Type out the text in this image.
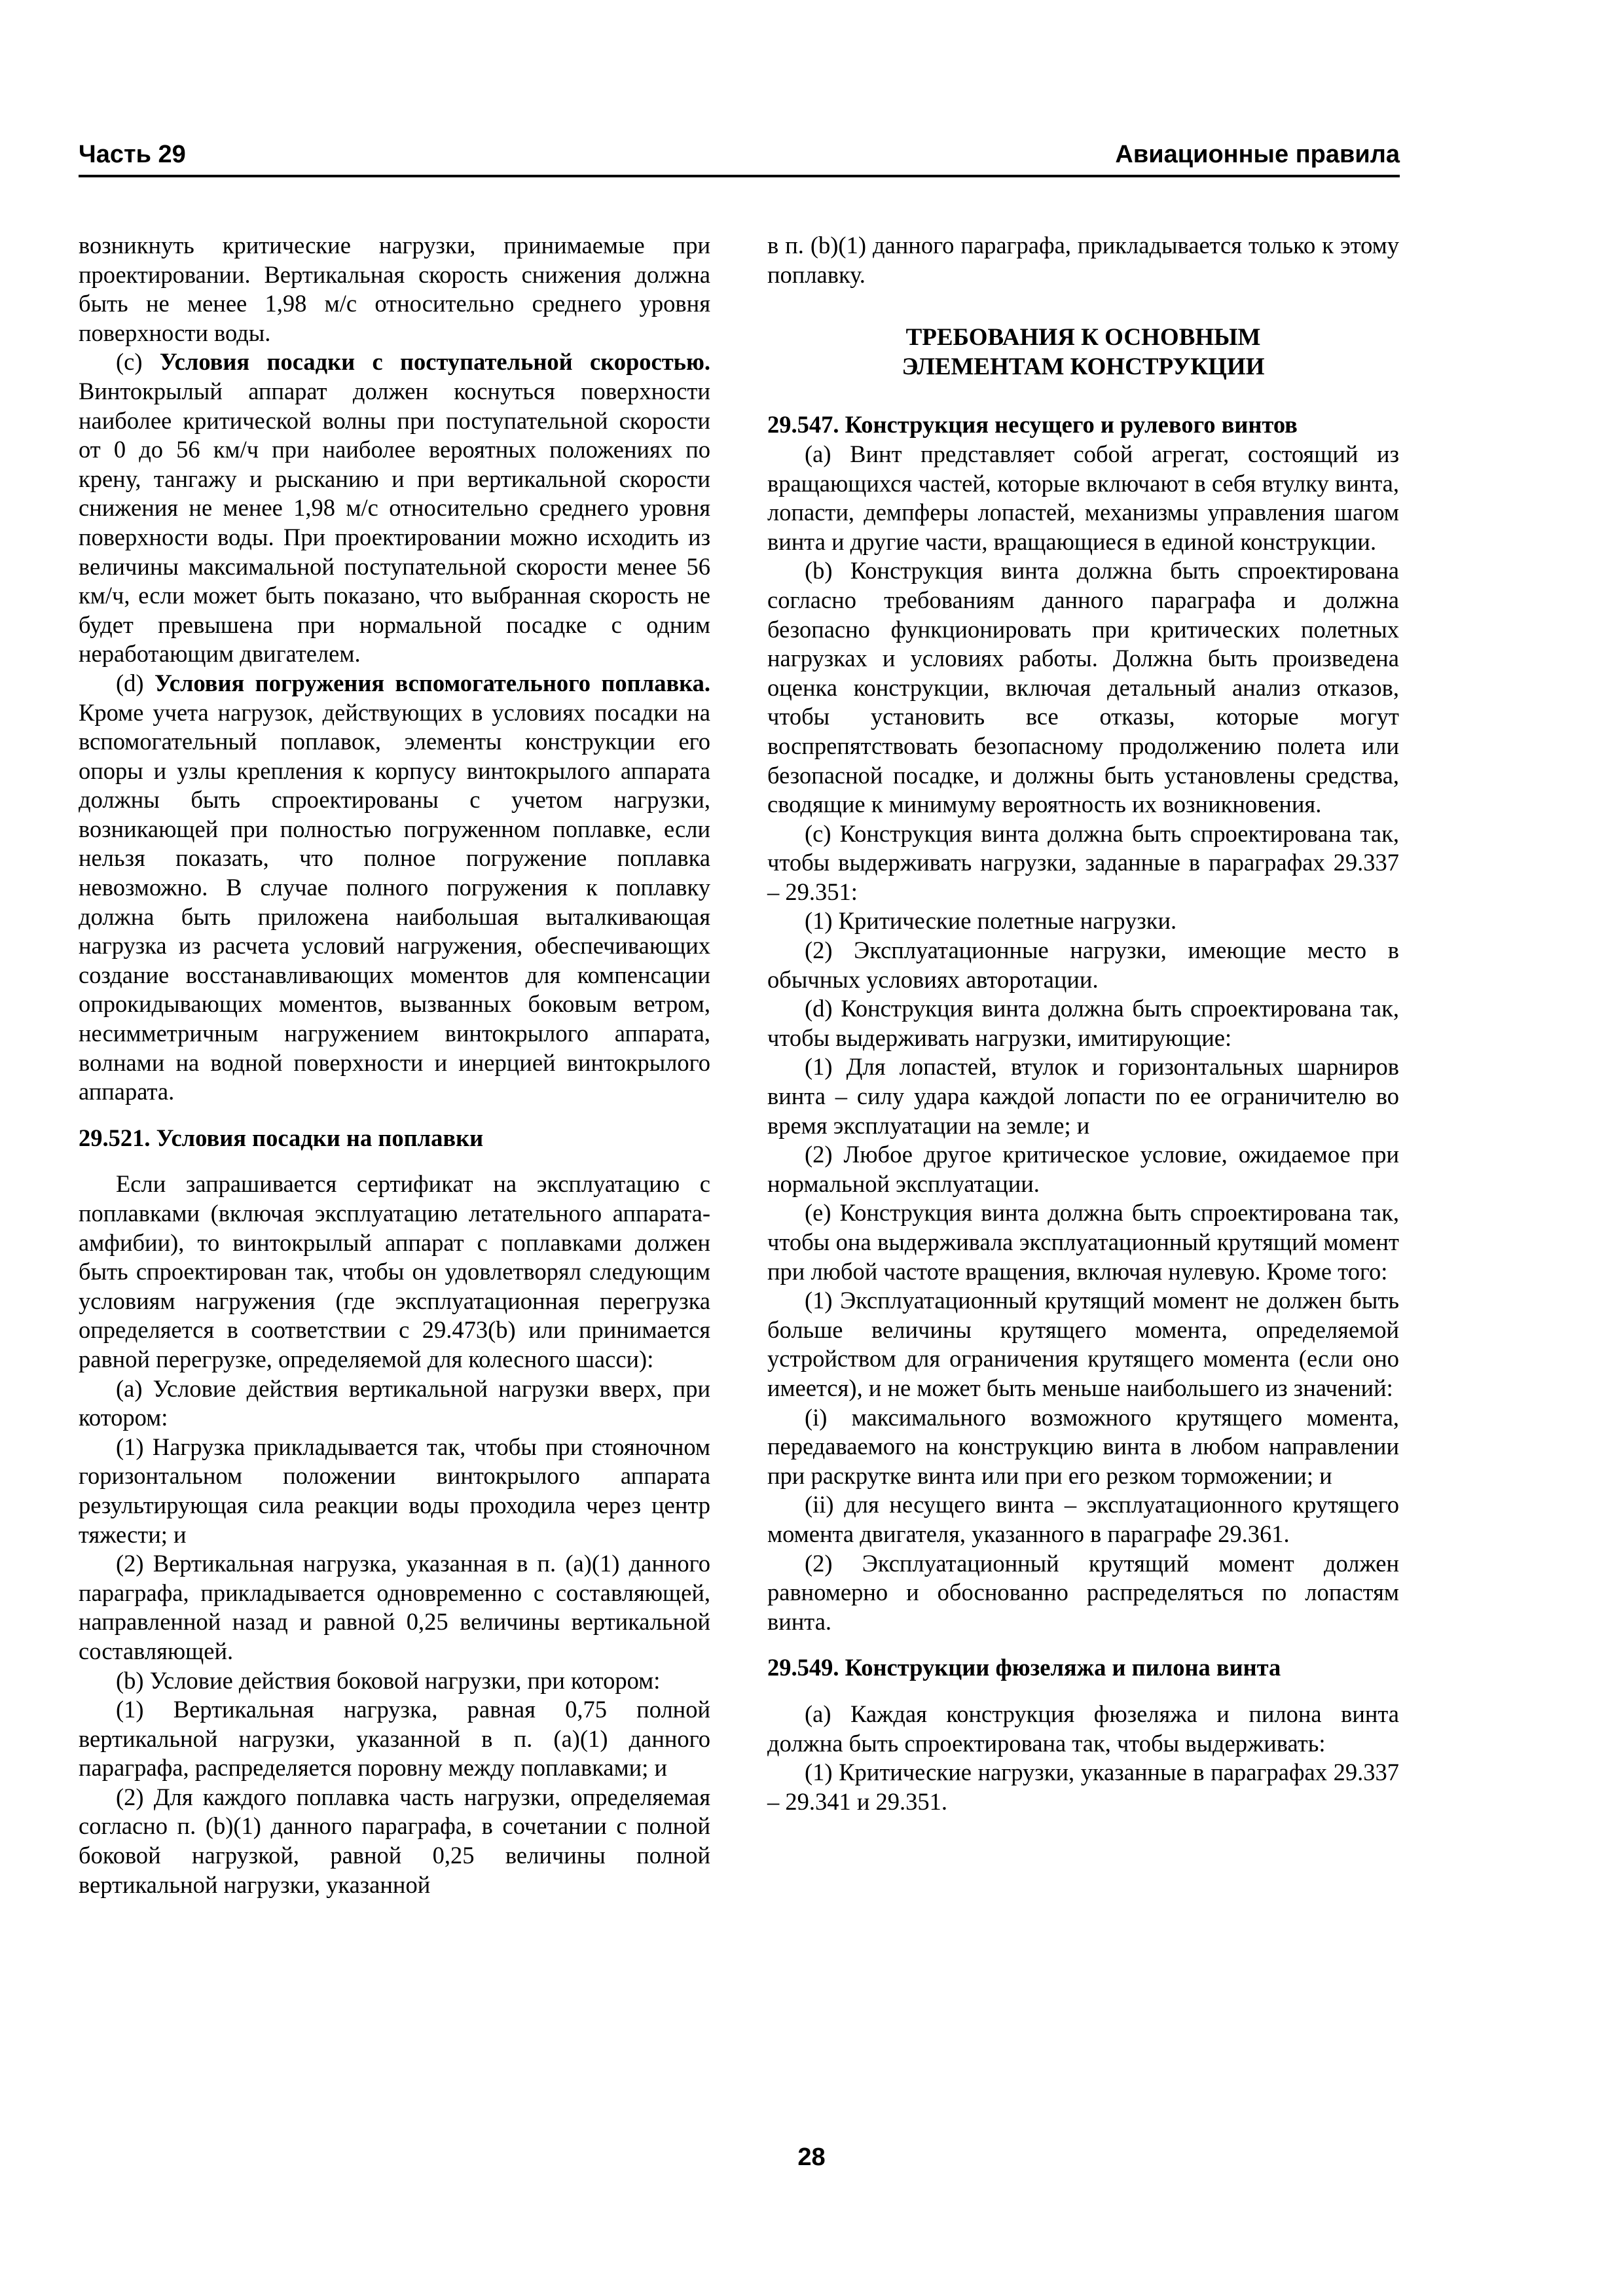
Часть 29	Авиационные правила

возникнуть критические нагрузки, принимаемые при проектировании. Вертикальная скорость снижения должна быть не менее 1,98 м/с относительно среднего уровня поверхности воды.

(c) Условия посадки с поступательной скоростью. Винтокрылый аппарат должен коснуться поверхности наиболее критической волны при поступательной скорости от 0 до 56 км/ч при наиболее вероятных положениях по крену, тангажу и рысканию и при вертикальной скорости снижения не менее 1,98 м/с относительно среднего уровня поверхности воды. При проектировании можно исходить из величины максимальной поступательной скорости менее 56 км/ч, если может быть показано, что выбранная скорость не будет превышена при нормальной посадке с одним неработающим двигателем.

(d) Условия погружения вспомогательного поплавка. Кроме учета нагрузок, действующих в условиях посадки на вспомогательный поплавок, элементы конструкции его опоры и узлы крепления к корпусу винтокрылого аппарата должны быть спроектированы с учетом нагрузки, возникающей при полностью погруженном поплавке, если нельзя показать, что полное погружение поплавка невозможно. В случае полного погружения к поплавку должна быть приложена наибольшая выталкивающая нагрузка из расчета условий нагружения, обеспечивающих создание восстанавливающих моментов для компенсации опрокидывающих моментов, вызванных боковым ветром, несимметричным нагружением винтокрылого аппарата, волнами на водной поверхности и инерцией винтокрылого аппарата.

29.521. Условия посадки на поплавки

Если запрашивается сертификат на эксплуатацию с поплавками (включая эксплуатацию летательного аппарата-амфибии), то винтокрылый аппарат с поплавками должен быть спроектирован так, чтобы он удовлетворял следующим условиям нагружения (где эксплуатационная перегрузка определяется в соответствии с 29.473(b) или принимается равной перегрузке, определяемой для колесного шасси):

(a) Условие действия вертикальной нагрузки вверх, при котором:

(1) Нагрузка прикладывается так, чтобы при стояночном горизонтальном положении винтокрылого аппарата результирующая сила реакции воды проходила через центр тяжести; и

(2) Вертикальная нагрузка, указанная в п. (a)(1) данного параграфа, прикладывается одновременно с составляющей, направленной назад и равной 0,25 величины вертикальной составляющей.

(b) Условие действия боковой нагрузки, при котором:

(1) Вертикальная нагрузка, равная 0,75 полной вертикальной нагрузки, указанной в п. (a)(1) данного параграфа, распределяется поровну между поплавками; и

(2) Для каждого поплавка часть нагрузки, определяемая согласно п. (b)(1) данного параграфа, в сочетании с полной боковой нагрузкой, равной 0,25 величины полной вертикальной нагрузки, указанной

в п. (b)(1) данного параграфа, прикладывается только к этому поплавку.

ТРЕБОВАНИЯ К ОСНОВНЫМ
ЭЛЕМЕНТАМ КОНСТРУКЦИИ
29.547. Конструкция несущего и рулевого винтов

(a) Винт представляет собой агрегат, состоящий из вращающихся частей, которые включают в себя втулку винта, лопасти, демпферы лопастей, механизмы управления шагом винта и другие части, вращающиеся в единой конструкции.

(b) Конструкция винта должна быть спроектирована согласно требованиям данного параграфа и должна безопасно функционировать при критических полетных нагрузках и условиях работы. Должна быть произведена оценка конструкции, включая детальный анализ отказов, чтобы установить все отказы, которые могут воспрепятствовать безопасному продолжению полета или безопасной посадке, и должны быть установлены средства, сводящие к минимуму вероятность их возникновения.

(c) Конструкция винта должна быть спроектирована так, чтобы выдерживать нагрузки, заданные в параграфах 29.337 – 29.351:

(1) Критические полетные нагрузки.

(2) Эксплуатационные нагрузки, имеющие место в обычных условиях авторотации.

(d) Конструкция винта должна быть спроектирована так, чтобы выдерживать нагрузки, имитирующие:

(1) Для лопастей, втулок и горизонтальных шарниров винта – силу удара каждой лопасти по ее ограничителю во время эксплуатации на земле; и

(2) Любое другое критическое условие, ожидаемое при нормальной эксплуатации.

(e) Конструкция винта должна быть спроектирована так, чтобы она выдерживала эксплуатационный крутящий момент при любой частоте вращения, включая нулевую. Кроме того:

(1) Эксплуатационный крутящий момент не должен быть больше величины крутящего момента, определяемой устройством для ограничения крутящего момента (если оно имеется), и не может быть меньше наибольшего из значений:

(i) максимального возможного крутящего момента, передаваемого на конструкцию винта в любом направлении при раскрутке винта или при его резком торможении; и

(ii) для несущего винта – эксплуатационного крутящего момента двигателя, указанного в параграфе 29.361.

(2) Эксплуатационный крутящий момент должен равномерно и обоснованно распределяться по лопастям винта.

29.549. Конструкции фюзеляжа и пилона винта

(a) Каждая конструкция фюзеляжа и пилона винта должна быть спроектирована так, чтобы выдерживать:

(1) Критические нагрузки, указанные в параграфах 29.337 – 29.341 и 29.351.

28
